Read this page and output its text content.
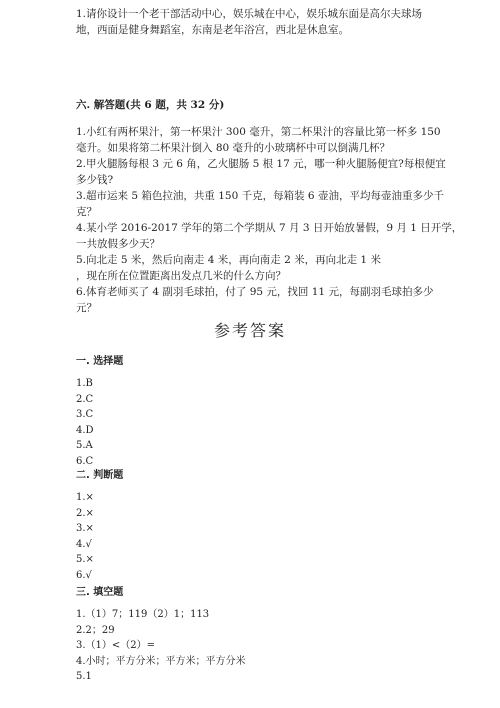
1.请你设计一个老干部活动中心，娱乐城在中心，娱乐城东面是高尔夫球场
地，西面是健身舞蹈室，东南是老年浴宫，西北是休息室。
六. 解答题(共 6 题，共 32 分)
1.小红有两杯果汁，第一杯果汁 300 毫升，第二杯果汁的容量比第一杯多 150
毫升。如果将第二杯果汁倒入 80 毫升的小玻璃杯中可以倒满几杯？
2.甲火腿肠每根 3 元 6 角，乙火腿肠 5 根 17 元，哪一种火腿肠便宜?每根便宜
多少钱?
3.超市运来 5 箱色拉油，共重 150 千克，每箱装 6 壶油，平均每壶油重多少千
克？
4.某小学 2016-2017 学年的第二个学期从 7 月 3 日开始放暑假，9 月 1 日开学，
一共放假多少天？
5.向北走 5 米，然后向南走 4 米，再向南走 2 米，再向北走 1 米
，现在所在位置距离出发点几米的什么方向？
6.体育老师买了 4 副羽毛球拍，付了 95 元，找回 11 元，每副羽毛球拍多少
元？
参考答案
一. 选择题
1.B
2.C
3.C
4.D
5.A
6.C
二. 判断题
1.×
2.×
3.×
4.√
5.×
6.√
三. 填空题
1.（1）7；119（2）1；113
2.2；29
3.（1）<（2）=
4.小时；平方分米；平方米；平方分米
5.1
